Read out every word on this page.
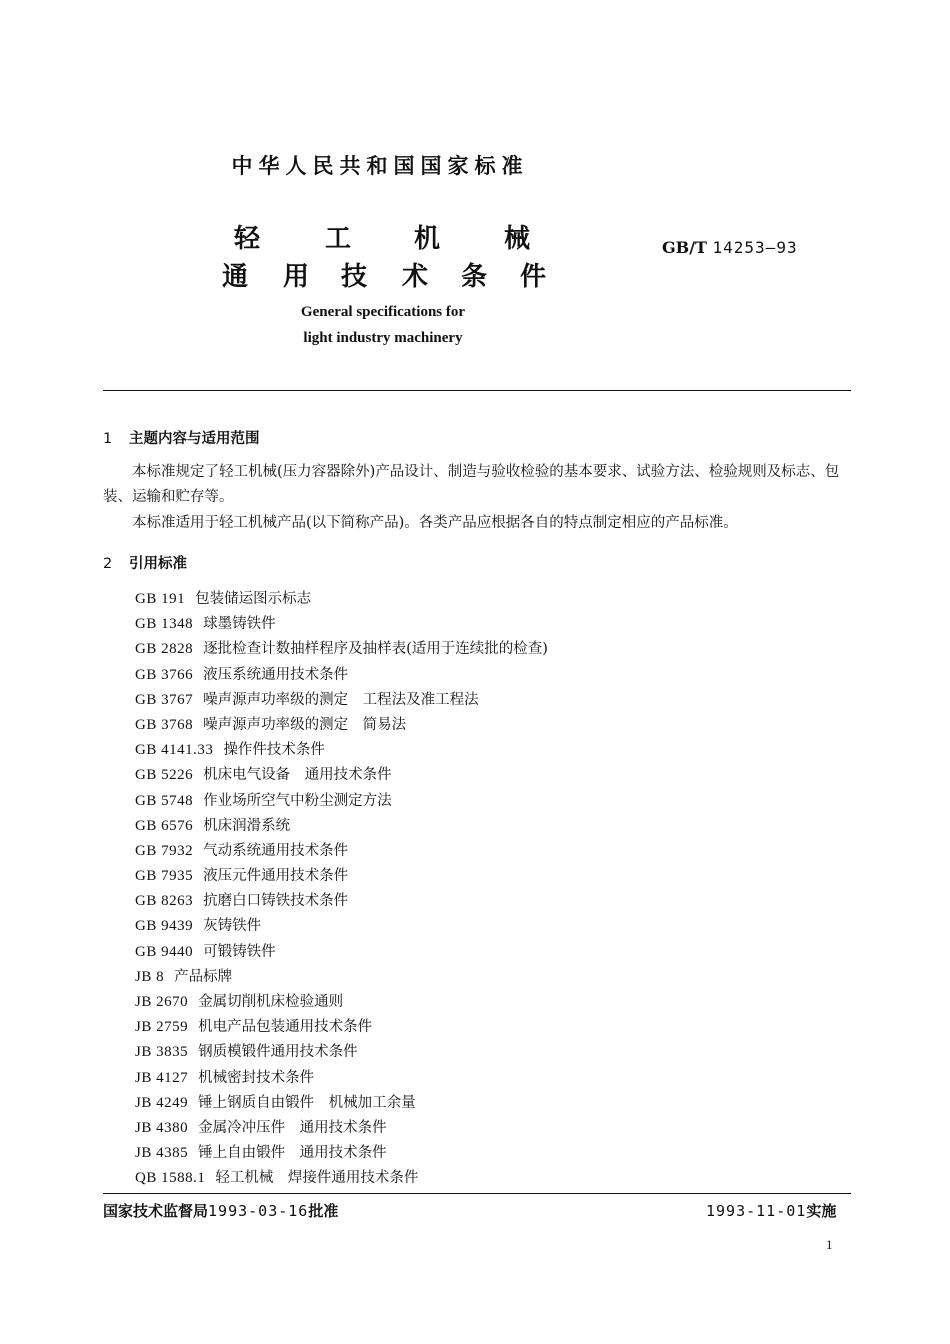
中华人民共和国国家标准
轻 工 机 械
通 用 技 术 条 件
GB/T 14253—93
General specifications for
light industry machinery
1 主题内容与适用范围
本标准规定了轻工机械(压力容器除外)产品设计、制造与验收检验的基本要求、试验方法、检验规则及标志、包装、运输和贮存等。
本标准适用于轻工机械产品(以下简称产品)。各类产品应根据各自的特点制定相应的产品标准。
2 引用标准
GB 191 包装储运图示标志
GB 1348 球墨铸铁件
GB 2828 逐批检查计数抽样程序及抽样表(适用于连续批的检查)
GB 3766 液压系统通用技术条件
GB 3767 噪声源声功率级的测定　工程法及准工程法
GB 3768 噪声源声功率级的测定　简易法
GB 4141.33 操作件技术条件
GB 5226 机床电气设备　通用技术条件
GB 5748 作业场所空气中粉尘测定方法
GB 6576 机床润滑系统
GB 7932 气动系统通用技术条件
GB 7935 液压元件通用技术条件
GB 8263 抗磨白口铸铁技术条件
GB 9439 灰铸铁件
GB 9440 可锻铸铁件
JB 8 产品标牌
JB 2670 金属切削机床检验通则
JB 2759 机电产品包装通用技术条件
JB 3835 钢质模锻件通用技术条件
JB 4127 机械密封技术条件
JB 4249 锤上钢质自由锻件　机械加工余量
JB 4380 金属冷冲压件　通用技术条件
JB 4385 锤上自由锻件　通用技术条件
QB 1588.1 轻工机械　焊接件通用技术条件
国家技术监督局1993-03-16批准	1993-11-01实施
1
